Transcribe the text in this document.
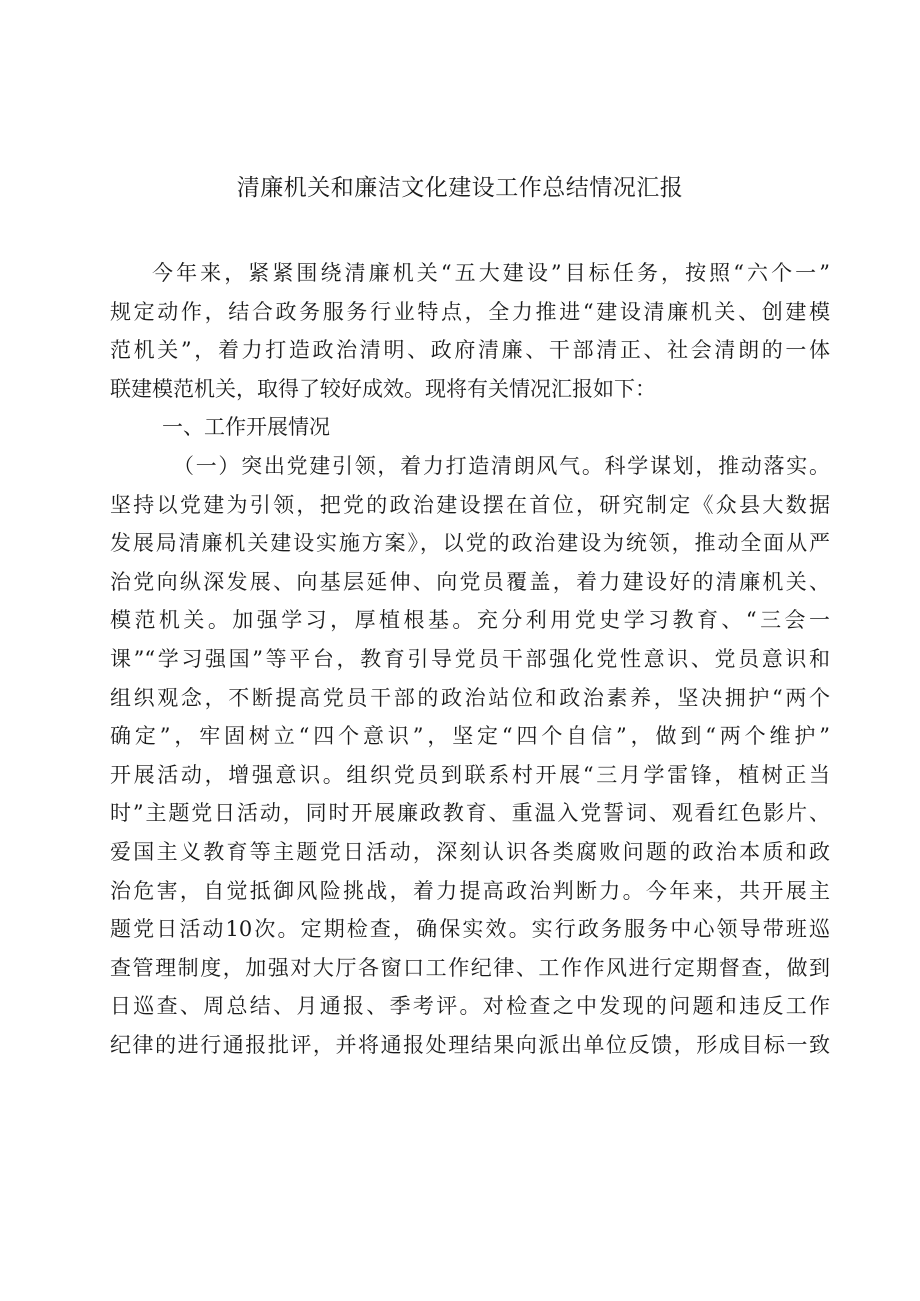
清廉机关和廉洁文化建设工作总结情况汇报
今年来，紧紧围绕清廉机关“五大建设”目标任务，按照“六个一”
规定动作，结合政务服务行业特点，全力推进“建设清廉机关、创建模
范机关”，着力打造政治清明、政府清廉、干部清正、社会清朗的一体
联建模范机关，取得了较好成效。现将有关情况汇报如下：
一、工作开展情况
（一）突出党建引领，着力打造清朗风气。科学谋划，推动落实。
坚持以党建为引领，把党的政治建设摆在首位，研究制定《众县大数据
发展局清廉机关建设实施方案》，以党的政治建设为统领，推动全面从严
治党向纵深发展、向基层延伸、向党员覆盖，着力建设好的清廉机关、
模范机关。加强学习，厚植根基。充分利用党史学习教育、“三会一
课”“学习强国”等平台，教育引导党员干部强化党性意识、党员意识和
组织观念，不断提高党员干部的政治站位和政治素养，坚决拥护“两个
确定”，牢固树立“四个意识”，坚定“四个自信”，做到“两个维护”
开展活动，增强意识。组织党员到联系村开展“三月学雷锋，植树正当
时”主题党日活动，同时开展廉政教育、重温入党誓词、观看红色影片、
爱国主义教育等主题党日活动，深刻认识各类腐败问题的政治本质和政
治危害，自觉抵御风险挑战，着力提高政治判断力。今年来，共开展主
题党日活动10次。定期检查，确保实效。实行政务服务中心领导带班巡
查管理制度，加强对大厅各窗口工作纪律、工作作风进行定期督查，做到
日巡查、周总结、月通报、季考评。对检查之中发现的问题和违反工作
纪律的进行通报批评，并将通报处理结果向派出单位反馈，形成目标一致
